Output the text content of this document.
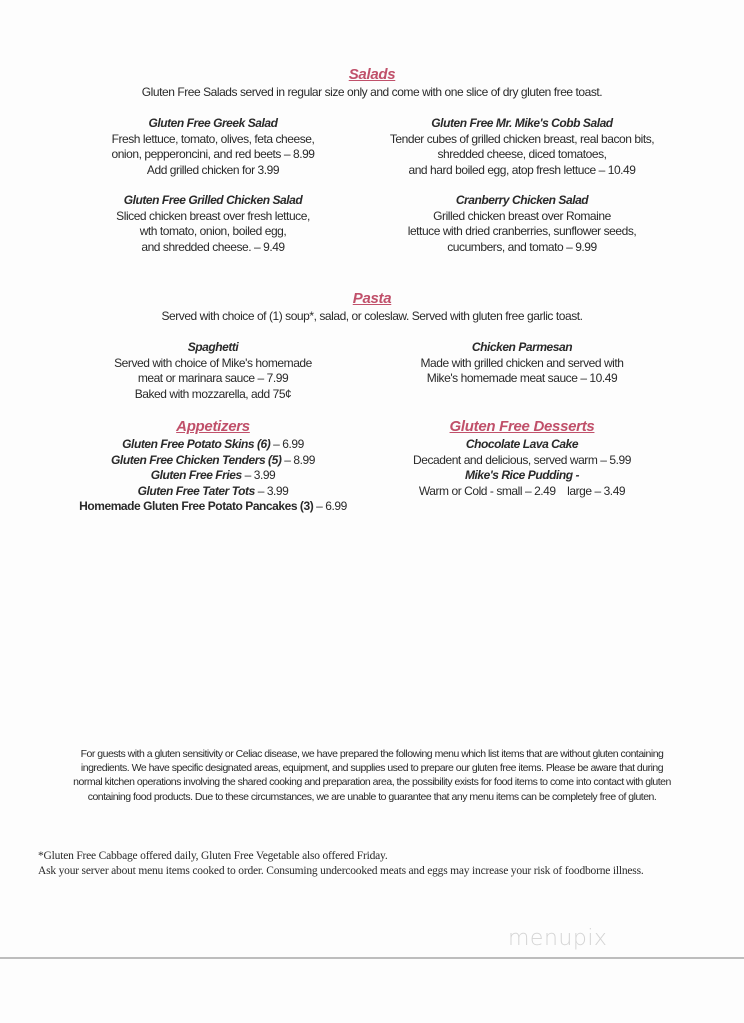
Salads
Gluten Free Salads served in regular size only and come with one slice of dry gluten free toast.
Gluten Free Greek Salad
Fresh lettuce, tomato, olives, feta cheese,
onion, pepperoncini, and red beets – 8.99
Add grilled chicken for 3.99
Gluten Free Mr. Mike's Cobb Salad
Tender cubes of grilled chicken breast, real bacon bits,
shredded cheese, diced tomatoes,
and hard boiled egg, atop fresh lettuce – 10.49
Gluten Free Grilled Chicken Salad
Sliced chicken breast over fresh lettuce,
wth tomato, onion, boiled egg,
and shredded cheese. – 9.49
Cranberry Chicken Salad
Grilled chicken breast over Romaine
lettuce with dried cranberries, sunflower seeds,
cucumbers, and tomato – 9.99
Pasta
Served with choice of (1) soup*, salad, or coleslaw. Served with gluten free garlic toast.
Spaghetti
Served with choice of Mike's homemade
meat or marinara sauce – 7.99
Baked with mozzarella, add 75¢
Chicken Parmesan
Made with grilled chicken and served with
Mike's homemade meat sauce – 10.49
Appetizers
Gluten Free Potato Skins (6) – 6.99
Gluten Free Chicken Tenders (5) – 8.99
Gluten Free Fries – 3.99
Gluten Free Tater Tots – 3.99
Homemade Gluten Free Potato Pancakes (3) – 6.99
Gluten Free Desserts
Chocolate Lava Cake
Decadent and delicious, served warm – 5.99
Mike's Rice Pudding -
Warm or Cold - small – 2.49    large – 3.49
For guests with a gluten sensitivity or Celiac disease, we have prepared the following menu which list items that are without gluten containing ingredients. We have specific designated areas, equipment, and supplies used to prepare our gluten free items. Please be aware that during normal kitchen operations involving the shared cooking and preparation area, the possibility exists for food items to come into contact with gluten containing food products. Due to these circumstances, we are unable to guarantee that any menu items can be completely free of gluten.
*Gluten Free Cabbage offered daily, Gluten Free Vegetable also offered Friday.
Ask your server about menu items cooked to order. Consuming undercooked meats and eggs may increase your risk of foodborne illness.
menupix
